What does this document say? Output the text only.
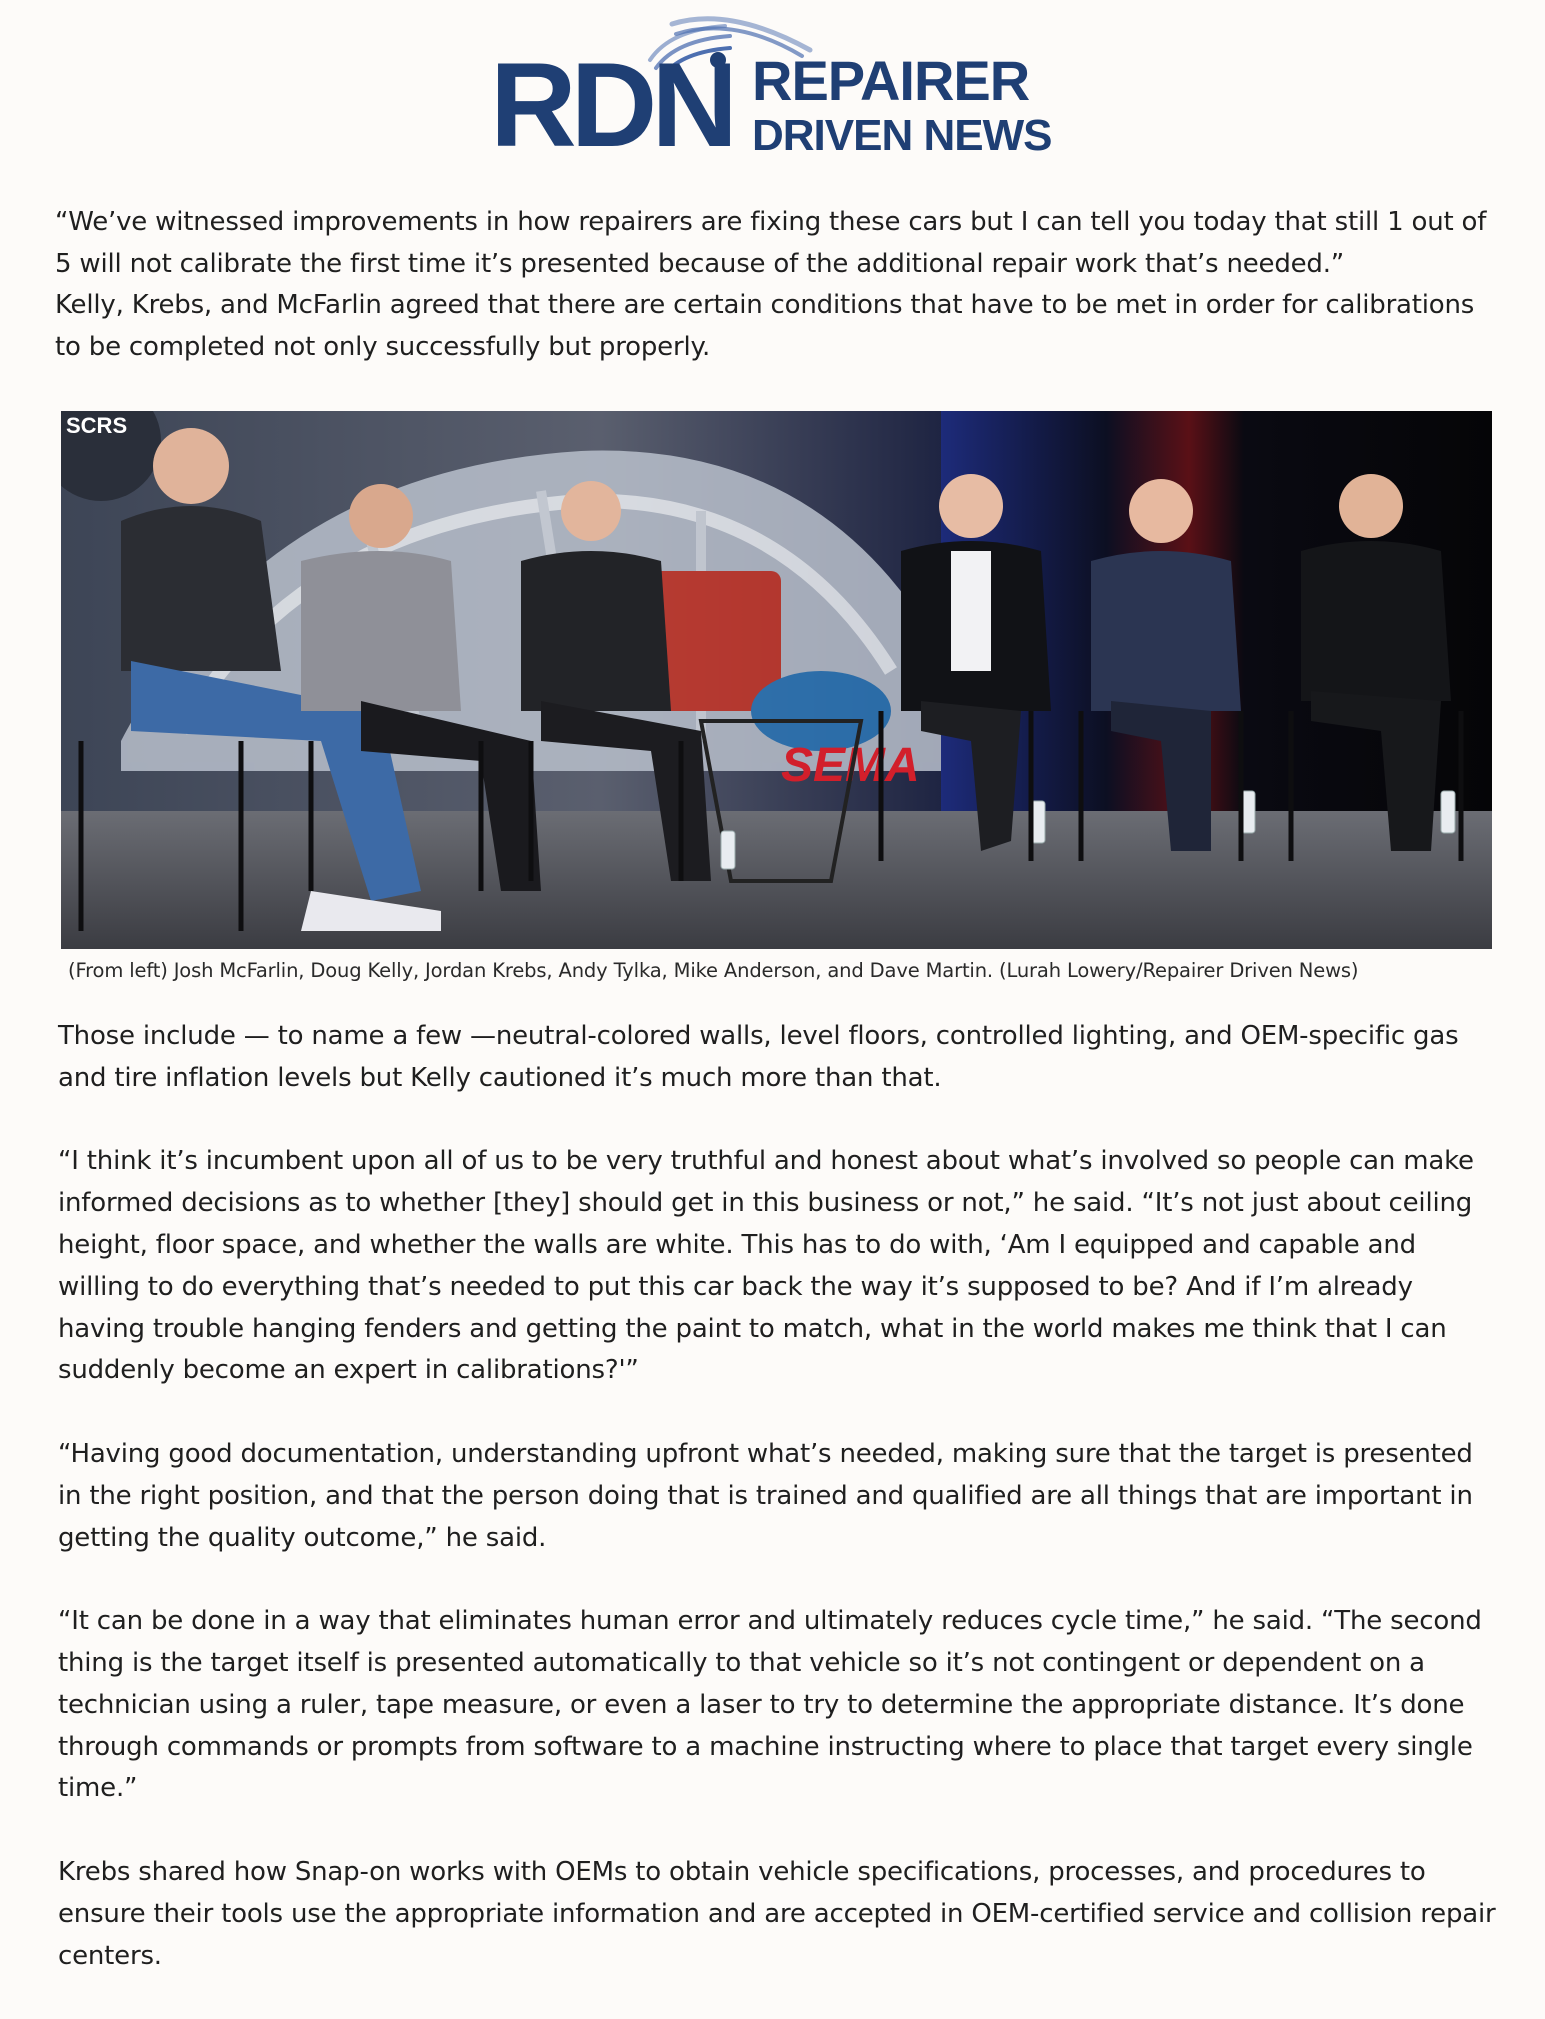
RDN REPAIRER
DRIVEN NEWS

“We’ve witnessed improvements in how repairers are fixing these cars but I can tell you today that still 1 out of 5 will not calibrate the first time it’s presented because of the additional repair work that’s needed.”

Kelly, Krebs, and McFarlin agreed that there are certain conditions that have to be met in order for calibrations to be completed not only successfully but properly.

SCRS
SEMA
(From left) Josh McFarlin, Doug Kelly, Jordan Krebs, Andy Tylka, Mike Anderson, and Dave Martin. (Lurah Lowery/Repairer Driven News)

Those include — to name a few —neutral-colored walls, level floors, controlled lighting, and OEM-specific gas and tire inflation levels but Kelly cautioned it’s much more than that.

“I think it’s incumbent upon all of us to be very truthful and honest about what’s involved so people can make informed decisions as to whether [they] should get in this business or not,” he said. “It’s not just about ceiling height, floor space, and whether the walls are white. This has to do with, ‘Am I equipped and capable and willing to do everything that’s needed to put this car back the way it’s supposed to be? And if I’m already having trouble hanging fenders and getting the paint to match, what in the world makes me think that I can suddenly become an expert in calibrations?'”

“Having good documentation, understanding upfront what’s needed, making sure that the target is presented in the right position, and that the person doing that is trained and qualified are all things that are important in getting the quality outcome,” he said.

“It can be done in a way that eliminates human error and ultimately reduces cycle time,” he said. “The second thing is the target itself is presented automatically to that vehicle so it’s not contingent or dependent on a technician using a ruler, tape measure, or even a laser to try to determine the appropriate distance. It’s done through commands or prompts from software to a machine instructing where to place that target every single time.”

Krebs shared how Snap-on works with OEMs to obtain vehicle specifications, processes, and procedures to ensure their tools use the appropriate information and are accepted in OEM-certified service and collision repair centers.
